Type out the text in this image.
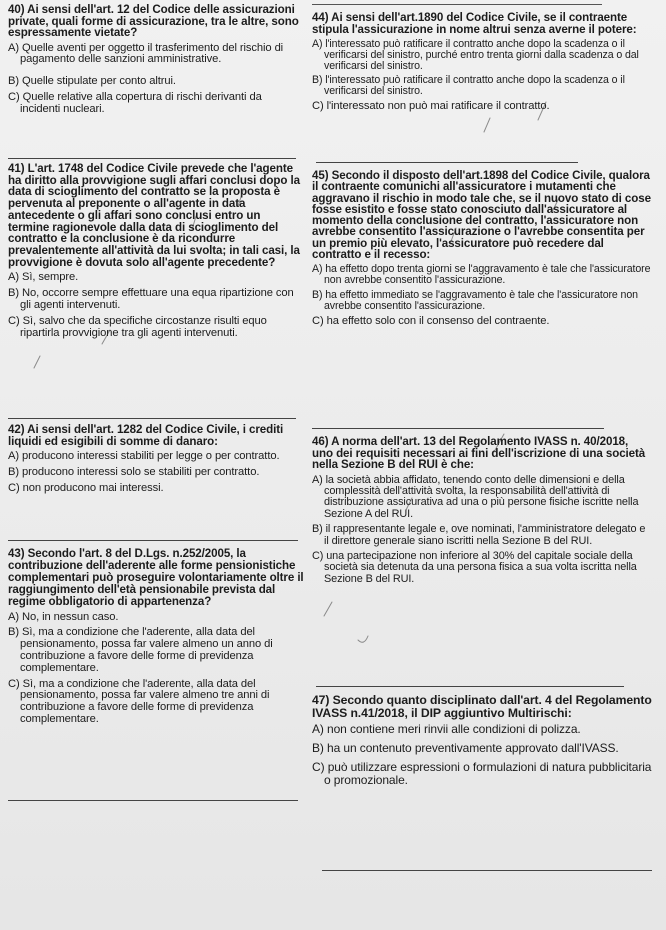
40) Ai sensi dell'art. 12 del Codice delle assicurazioni private, quali forme di assicurazione, tra le altre, sono espressamente vietate?
A) Quelle aventi per oggetto il trasferimento del rischio di pagamento delle sanzioni amministrative.
B) Quelle stipulate per conto altrui.
C) Quelle relative alla copertura di rischi derivanti da incidenti nucleari.
41) L'art. 1748 del Codice Civile prevede che l'agente ha diritto alla provvigione sugli affari conclusi dopo la data di scioglimento del contratto se la proposta è pervenuta al preponente o all'agente in data antecedente o gli affari sono conclusi entro un termine ragionevole dalla data di scioglimento del contratto e la conclusione è da ricondurre prevalentemente all'attività da lui svolta; in tali casi, la provvigione è dovuta solo all'agente precedente?
A) Sì, sempre.
B) No, occorre sempre effettuare una equa ripartizione con gli agenti intervenuti.
C) Sì, salvo che da specifiche circostanze risulti equo ripartirla provvigione tra gli agenti intervenuti.
42) Ai sensi dell'art. 1282 del Codice Civile, i crediti liquidi ed esigibili di somme di danaro:
A) producono interessi stabiliti per legge o per contratto.
B) producono interessi solo se stabiliti per contratto.
C) non producono mai interessi.
43) Secondo l'art. 8 del D.Lgs. n.252/2005, la contribuzione dell'aderente alle forme pensionistiche complementari può proseguire volontariamente oltre il raggiungimento dell'età pensionabile prevista dal regime obbligatorio di appartenenza?
A) No, in nessun caso.
B) Sì, ma a condizione che l'aderente, alla data del pensionamento, possa far valere almeno un anno di contribuzione a favore delle forme di previdenza complementare.
C) Sì, ma a condizione che l'aderente, alla data del pensionamento, possa far valere almeno tre anni di contribuzione a favore delle forme di previdenza complementare.
44) Ai sensi dell'art.1890 del Codice Civile, se il contraente stipula l'assicurazione in nome altrui senza averne il potere:
A) l'interessato può ratificare il contratto anche dopo la scadenza o il verificarsi del sinistro, purché entro trenta giorni dalla scadenza o dal verificarsi del sinistro.
B) l'interessato può ratificare il contratto anche dopo la scadenza o il verificarsi del sinistro.
C) l'interessato non può mai ratificare il contratto.
45) Secondo il disposto dell'art.1898 del Codice Civile, qualora il contraente comunichi all'assicuratore i mutamenti che aggravano il rischio in modo tale che, se il nuovo stato di cose fosse esistito e fosse stato conosciuto dall'assicuratore al momento della conclusione del contratto, l'assicuratore non avrebbe consentito l'assicurazione o l'avrebbe consentita per un premio più elevato, l'assicuratore può recedere dal contratto e il recesso:
A) ha effetto dopo trenta giorni se l'aggravamento è tale che l'assicuratore non avrebbe consentito l'assicurazione.
B) ha effetto immediato se l'aggravamento è tale che l'assicuratore non avrebbe consentito l'assicurazione.
C) ha effetto solo con il consenso del contraente.
46) A norma dell'art. 13 del Regolamento IVASS n. 40/2018, uno dei requisiti necessari ai fini dell'iscrizione di una società nella Sezione B del RUI è che:
A) la società abbia affidato, tenendo conto delle dimensioni e della complessità dell'attività svolta, la responsabilità dell'attività di distribuzione assicurativa ad una o più persone fisiche iscritte nella Sezione A del RUI.
B) il rappresentante legale e, ove nominati, l'amministratore delegato e il direttore generale siano iscritti nella Sezione B del RUI.
C) una partecipazione non inferiore al 30% del capitale sociale della società sia detenuta da una persona fisica a sua volta iscritta nella Sezione B del RUI.
47) Secondo quanto disciplinato dall'art. 4 del Regolamento IVASS n.41/2018, il DIP aggiuntivo Multirischi:
A) non contiene meri rinvii alle condizioni di polizza.
B) ha un contenuto preventivamente approvato dall'IVASS.
C) può utilizzare espressioni o formulazioni di natura pubblicitaria o promozionale.
